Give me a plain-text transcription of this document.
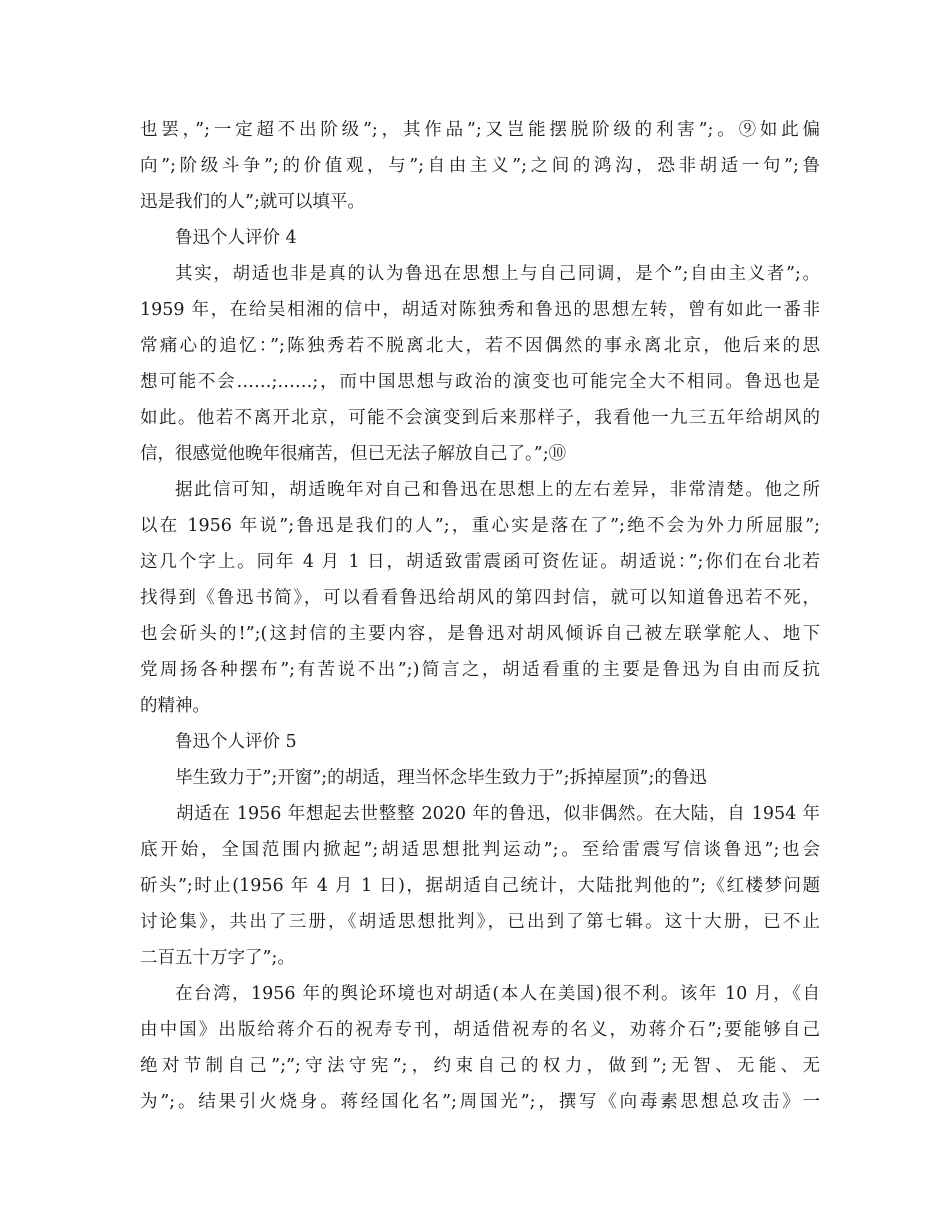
也罢，”;一定超不出阶级”;，其作品”;又岂能摆脱阶级的利害”;。⑨如此偏
向”;阶级斗争”;的价值观，与”;自由主义”;之间的鸿沟，恐非胡适一句”;鲁
迅是我们的人”;就可以填平。
鲁迅个人评价 4
其实，胡适也非是真的认为鲁迅在思想上与自己同调，是个”;自由主义者”;。
1959 年，在给吴相湘的信中，胡适对陈独秀和鲁迅的思想左转，曾有如此一番非
常痛心的追忆：”;陈独秀若不脱离北大，若不因偶然的事永离北京，他后来的思
想可能不会……;……;，而中国思想与政治的演变也可能完全大不相同。鲁迅也是
如此。他若不离开北京，可能不会演变到后来那样子，我看他一九三五年给胡风的
信，很感觉他晚年很痛苦，但已无法子解放自己了。”;⑩
据此信可知，胡适晚年对自己和鲁迅在思想上的左右差异，非常清楚。他之所
以在 1956 年说”;鲁迅是我们的人”;，重心实是落在了”;绝不会为外力所屈服”;
这几个字上。同年 4 月 1 日，胡适致雷震函可资佐证。胡适说：”;你们在台北若
找得到《鲁迅书简》，可以看看鲁迅给胡风的第四封信，就可以知道鲁迅若不死，
也会斫头的!”;(这封信的主要内容，是鲁迅对胡风倾诉自己被左联掌舵人、地下
党周扬各种摆布”;有苦说不出”;)简言之，胡适看重的主要是鲁迅为自由而反抗
的精神。
鲁迅个人评价 5
毕生致力于”;开窗”;的胡适，理当怀念毕生致力于”;拆掉屋顶”;的鲁迅
胡适在 1956 年想起去世整整 2020 年的鲁迅，似非偶然。在大陆，自 1954 年
底开始，全国范围内掀起”;胡适思想批判运动”;。至给雷震写信谈鲁迅”;也会
斫头”;时止(1956 年 4 月 1 日)，据胡适自己统计，大陆批判他的”;《红楼梦问题
讨论集》，共出了三册，《胡适思想批判》，已出到了第七辑。这十大册，已不止
二百五十万字了”;。
在台湾，1956 年的舆论环境也对胡适(本人在美国)很不利。该年 10 月，《自
由中国》出版给蒋介石的祝寿专刊，胡适借祝寿的名义，劝蒋介石”;要能够自己
绝对节制自己”;”;守法守宪”;，约束自己的权力，做到”;无智、无能、无
为”;。结果引火烧身。蒋经国化名”;周国光”;，撰写《向毒素思想总攻击》一
